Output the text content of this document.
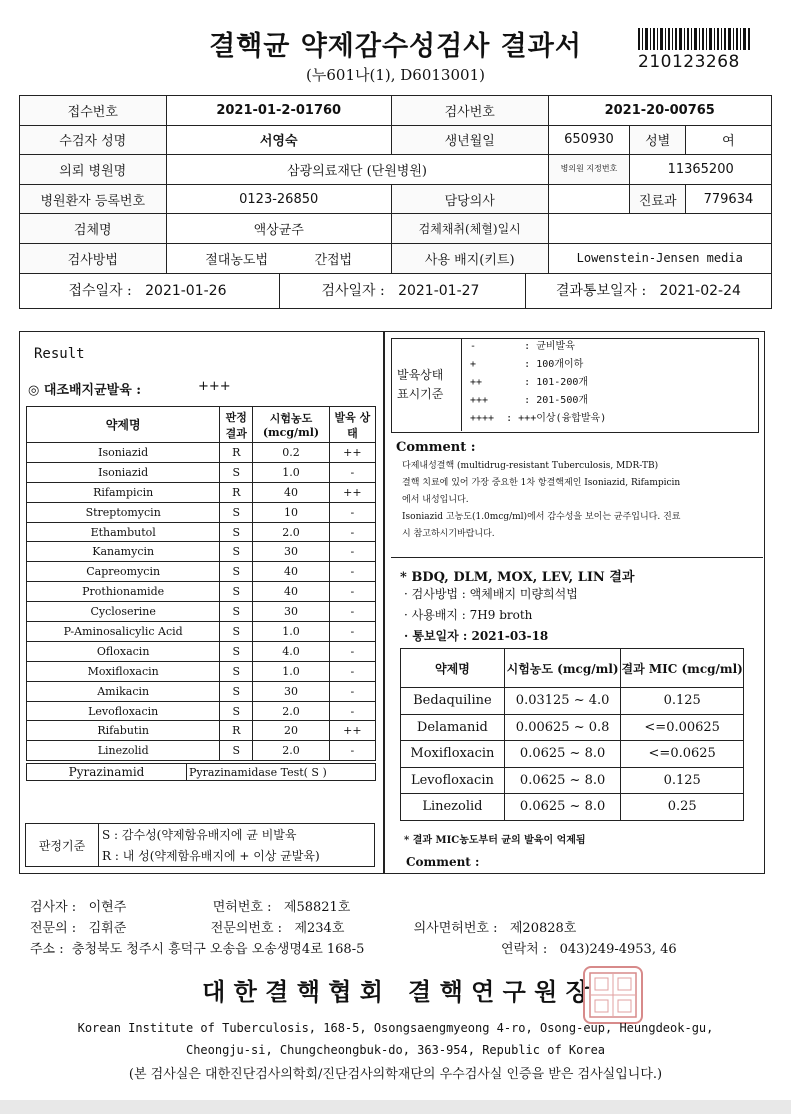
결핵균 약제감수성검사 결과서
(누601나(1), D6013001)
210123268
접수번호	2021-01-2-01760	검사번호	2021-20-00765		
수검자 성명	서영숙	생년월일	650930	성별	여
의뢰 병원명	삼광의료재단 (단원병원)		병의원 지정번호	11365200	
병원환자 등록번호	0123-26850	담당의사		진료과	779634
검체명	액상균주	검체채취(체혈)일시			
검사방법	절대농도법 간접법	사용 배지(키트)	Lowenstein-Jensen media		
접수일자 : 2021-01-26 검사일자 : 2021-01-27 결과통보일자 : 2021-02-24					
Result
◎ 대조배지균발육 :	+++
약제명	판정 결과	시험농도 (mcg/ml)	발육 상태
Isoniazid	R	0.2	++
Isoniazid	S	1.0	-
Rifampicin	R	40	++
Streptomycin	S	10	-
Ethambutol	S	2.0	-
Kanamycin	S	30	-
Capreomycin	S	40	-
Prothionamide	S	40	-
Cycloserine	S	30	-
P-Aminosalicylic Acid	S	1.0	-
Ofloxacin	S	4.0	-
Moxifloxacin	S	1.0	-
Amikacin	S	30	-
Levofloxacin	S	2.0	-
Rifabutin	R	20	++
Linezolid	S	2.0	-
Pyrazinamid	Pyrazinamidase Test( S )
판정기준	S : 감수성(약제함유배지에 균 비발육
R : 내 성(약제함유배지에 + 이상 균발육)
발육상태 표시기준
-        : 균비발육
+        : 100개이하
++       : 101-200개
+++      : 201-500개
++++  : +++이상(융합발육)
Comment :
다제내성결핵 (multidrug-resistant Tuberculosis, MDR-TB)
결핵 치료에 있어 가장 중요한 1차 항결핵제인 Isoniazid, Rifampicin
에서 내성입니다.
Isoniazid 고농도(1.0mcg/ml)에서 감수성을 보이는 균주입니다. 진료
시 참고하시기바랍니다.
* BDQ, DLM, MOX, LEV, LIN 결과
· 검사방법 : 액체배지 미량희석법
· 사용배지 : 7H9 broth
· 통보일자 : 2021-03-18
약제명	시험농도 (mcg/ml)	결과 MIC (mcg/ml)
Bedaquiline	0.03125 ~ 4.0	0.125
Delamanid	0.00625 ~ 0.8	<=0.00625
Moxifloxacin	0.0625 ~ 8.0	<=0.0625
Levofloxacin	0.0625 ~ 8.0	0.125
Linezolid	0.0625 ~ 8.0	0.25
* 결과 MIC농도부터 균의 발육이 억제됨
Comment :
검사자 : 이현주	면허번호 : 제58821호
전문의 : 김휘준	전문의번호 : 제234호	의사면허번호 : 제20828호
주소 : 충청북도 청주시 흥덕구 오송읍 오송생명4로 168-5	연락처 : 043)249-4953, 46
대 한 결 핵 협 회   결 핵 연 구 원 장
Korean Institute of Tuberculosis, 168-5, Osongsaengmyeong 4-ro, Osong-eup, Heungdeok-gu,
Cheongju-si, Chungcheongbuk-do, 363-954, Republic of Korea
(본 검사실은 대한진단검사의학회/진단검사의학재단의 우수검사실 인증을 받은 검사실입니다.)
